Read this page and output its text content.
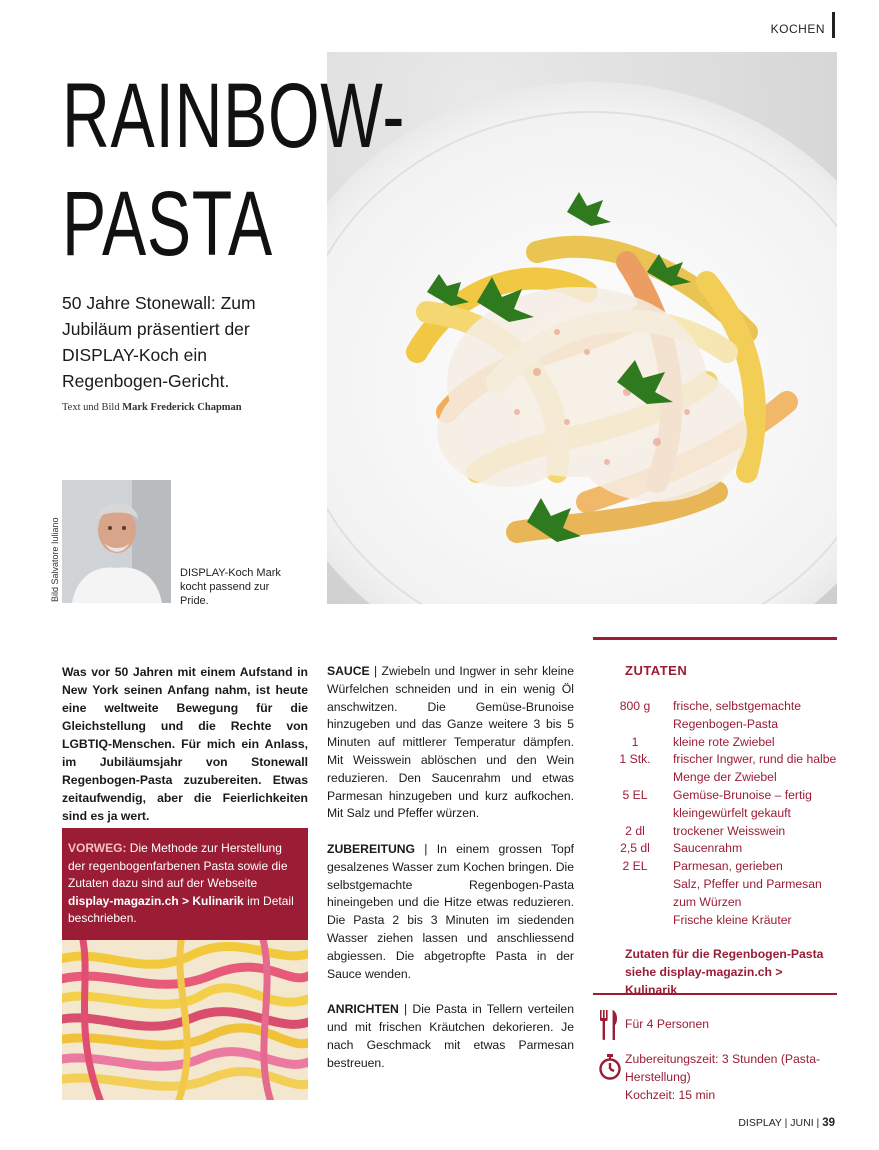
KOCHEN
RAINBOW-
PASTA
50 Jahre Stonewall: Zum Jubiläum präsentiert der DISPLAY-Koch ein Regenbogen-Gericht.
Text und Bild Mark Frederick Chapman
Bild Salvatore Iuliano	DISPLAY-Koch Mark kocht passend zur Pride.
Was vor 50 Jahren mit einem Aufstand in New York seinen Anfang nahm, ist heute eine weltweite Bewegung für die Gleichstellung und die Rechte von LGBTIQ-Menschen. Für mich ein Anlass, im Jubiläumsjahr von Stonewall Regenbogen-Pasta zuzubereiten. Etwas zeitaufwendig, aber die Feierlichkeiten sind es ja wert.
VORWEG: Die Methode zur Herstellung der regenbogenfarbenen Pasta sowie die Zutaten dazu sind auf der Webseite display-magazin.ch > Kulinarik im Detail beschrieben.

SAUCE | Zwiebeln und Ingwer in sehr kleine Würfelchen schneiden und in ein wenig Öl anschwitzen. Die Gemüse-Brunoise hinzugeben und das Ganze weitere 3 bis 5 Minuten auf mittlerer Temperatur dämpfen. Mit Weisswein ablöschen und den Wein reduzieren. Den Saucenrahm und etwas Parmesan hinzugeben und kurz aufkochen. Mit Salz und Pfeffer würzen.

ZUBEREITUNG | In einem grossen Topf gesalzenes Wasser zum Kochen bringen. Die selbstgemachte Regenbogen-Pasta hineingeben und die Hitze etwas reduzieren. Die Pasta 2 bis 3 Minuten im siedenden Wasser ziehen lassen und anschliessend abgiessen. Die abgetropfte Pasta in der Sauce wenden.

ANRICHTEN | Die Pasta in Tellern verteilen und mit frischen Kräutchen dekorieren. Je nach Geschmack mit etwas Parmesan bestreuen.

ZUTATEN
800 g	frische, selbstgemachte Regenbogen-Pasta
1	kleine rote Zwiebel
1 Stk.	frischer Ingwer, rund die halbe Menge der Zwiebel
5 EL	Gemüse-Brunoise – fertig kleingewürfelt gekauft
2 dl	trockener Weisswein
2,5 dl	Saucenrahm
2 EL	Parmesan, gerieben
Salz, Pfeffer und Parmesan zum Würzen
Frische kleine Kräuter
Zutaten für die Regenbogen-Pasta siehe display-magazin.ch > Kulinarik
Für 4 Personen
Zubereitungszeit: 3 Stunden (Pasta-Herstellung)
Kochzeit: 15 min
DISPLAY | JUNI | 39
